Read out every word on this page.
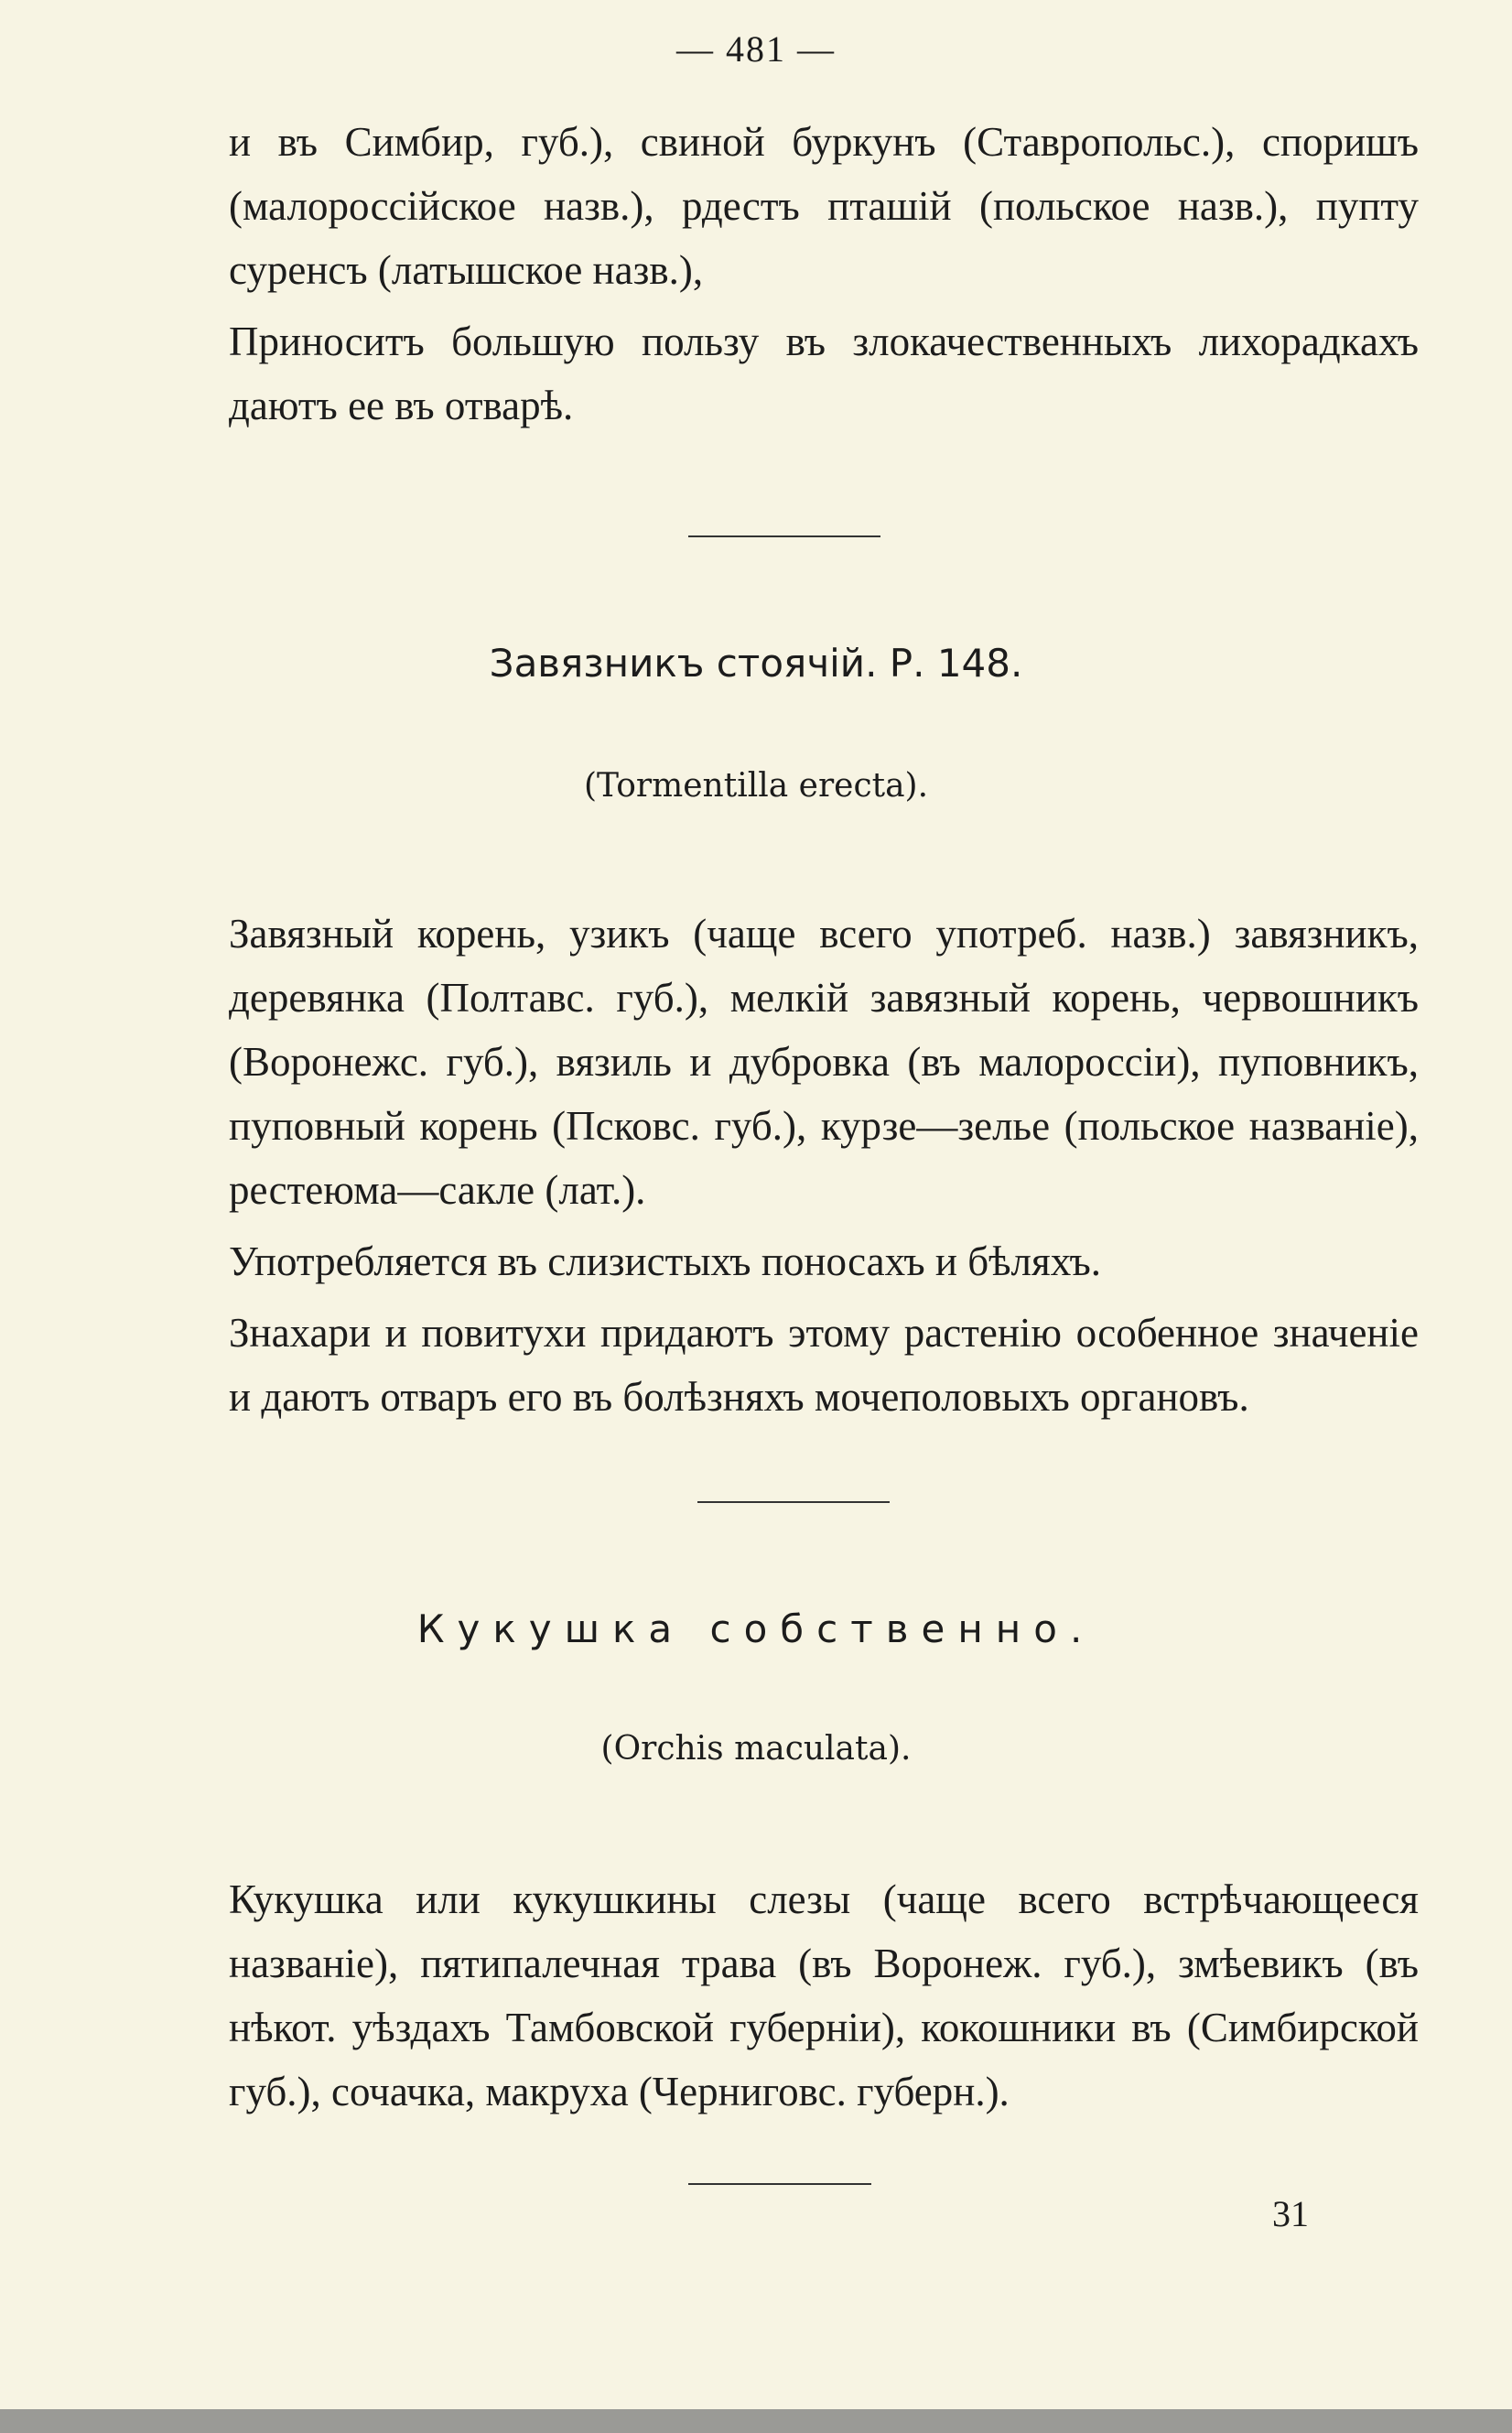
— 481 —

и въ Симбир, губ.), свиной буркунъ (Ставропольс.), споришъ (малороссійское назв.), рдестъ пташій (польское назв.), пупту суренсъ (латышское назв.),

Приноситъ большую пользу въ злокачественныхъ лихорадкахъ даютъ ее въ отварѣ.

Завязникъ стоячій. Р. 148.
(Tormentilla erecta).

Завязный корень, узикъ (чаще всего употреб. назв.) завязникъ, деревянка (Полтавс. губ.), мелкій завязный корень, червошникъ (Воронежс. губ.), вязиль и дубровка (въ малороссіи), пуповникъ, пуповный корень (Псковс. губ.), курзе—зелье (польское названіе), рестеюма—сакле (лат.).

Употребляется въ слизистыхъ поносахъ и бѣляхъ.

Знахари и повитухи придаютъ этому растенію особенное значеніе и даютъ отваръ его въ болѣзняхъ мочеполовыхъ органовъ.

Кукушка собственно.
(Orchis maculata).

Кукушка или кукушкины слезы (чаще всего встрѣчающееся названіе), пятипалечная трава (въ Воронеж. губ.), змѣевикъ (въ нѣкот. уѣздахъ Тамбовской губерніи), кокошники въ (Симбирской губ.), сочачка, макруха (Черниговс. губерн.).

31
